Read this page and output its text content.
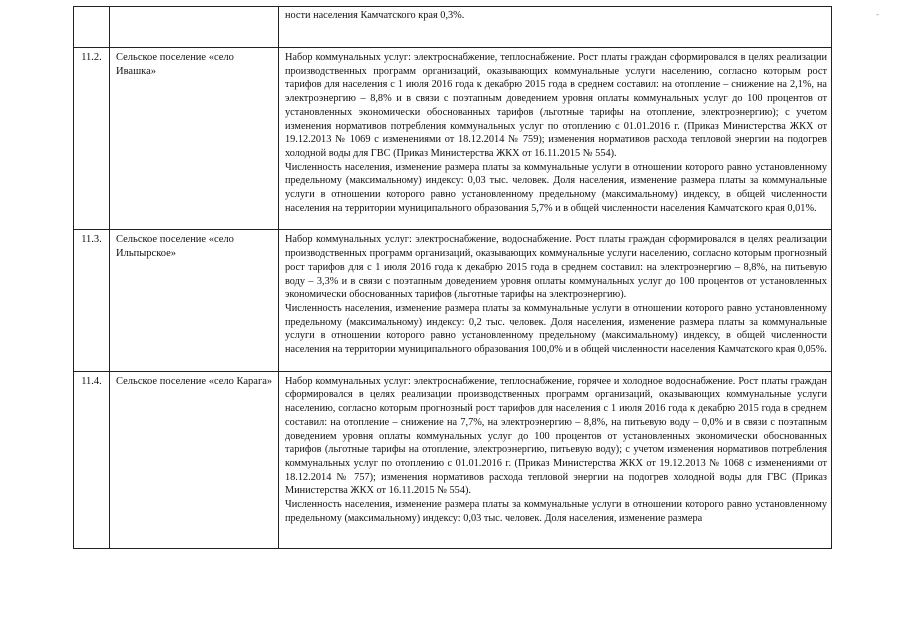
-

		ности населения Камчатского края 0,3%.

11.2.	Сельское поселение «село Ивашка»	Набор коммунальных услуг: электроснабжение, теплоснабжение. Рост платы граждан сформировался в целях реализации производственных программ организаций, оказывающих коммунальные услуги населению, согласно которым рост тарифов для населения с 1 июля 2016 года к декабрю 2015 года в среднем составил: на отопление – снижение на 2,1%, на электроэнергию – 8,8% и в связи с поэтапным доведением уровня оплаты коммунальных услуг до 100 процентов от установленных экономически обоснованных тарифов (льготные тарифы на отопление, электроэнергию); с учетом изменения нормативов потребления коммунальных услуг по отоплению с 01.01.2016 г. (Приказ Министерства ЖКХ от 19.12.2013 № 1069 с изменениями от 18.12.2014 № 759); изменения нормативов расхода тепловой энергии на подогрев холодной воды для ГВС (Приказ Министерства ЖКХ от 16.11.2015 № 554).

Численность населения, изменение размера платы за коммунальные услуги в отношении которого равно установленному предельному (максимальному) индексу: 0,03 тыс. человек. Доля населения, изменение размера платы за коммунальные услуги в отношении которого равно установленному предельному (максимальному) индексу, в общей численности населения на территории муниципального образования 5,7% и в общей численности населения Камчатского края 0,01%.

11.3.	Сельское поселение «село Ильпырское»	Набор коммунальных услуг: электроснабжение, водоснабжение. Рост платы граждан сформировался в целях реализации производственных программ организаций, оказывающих коммунальные услуги населению, согласно которым прогнозный рост тарифов для с 1 июля 2016 года к декабрю 2015 года в среднем составил: на электроэнергию – 8,8%, на питьевую воду – 3,3% и в связи с поэтапным доведением уровня оплаты коммунальных услуг до 100 процентов от установленных экономически обоснованных тарифов (льготные тарифы на электроэнергию).

Численность населения, изменение размера платы за коммунальные услуги в отношении которого равно установленному предельному (максимальному) индексу: 0,2 тыс. человек. Доля населения, изменение размера платы за коммунальные услуги в отношении которого равно установленному предельному (максимальному) индексу, в общей численности населения на территории муниципального образования 100,0% и в общей численности населения Камчатского края 0,05%.

11.4.	Сельское поселение «село Карага»	Набор коммунальных услуг: электроснабжение, теплоснабжение, горячее и холодное водоснабжение. Рост платы граждан сформировался в целях реализации производственных программ организаций, оказывающих коммунальные услуги населению, согласно которым прогнозный рост тарифов для населения с 1 июля 2016 года к декабрю 2015 года в среднем составил: на отопление – снижение на 7,7%, на электроэнергию – 8,8%, на питьевую воду – 0,0% и в связи с поэтапным доведением уровня оплаты коммунальных услуг до 100 процентов от установленных экономически обоснованных тарифов (льготные тарифы на отопление, электроэнергию, питьевую воду); с учетом изменения нормативов потребления коммунальных услуг по отоплению с 01.01.2016 г. (Приказ Министерства ЖКХ от 19.12.2013 № 1068 с изменениями от 18.12.2014 № 757); изменения нормативов расхода тепловой энергии на подогрев холодной воды для ГВС (Приказ Министерства ЖКХ от 16.11.2015 № 554).

Численность населения, изменение размера платы за коммунальные услуги в отношении которого равно установленному предельному (максимальному) индексу: 0,03 тыс. человек. Доля населения, изменение размера
